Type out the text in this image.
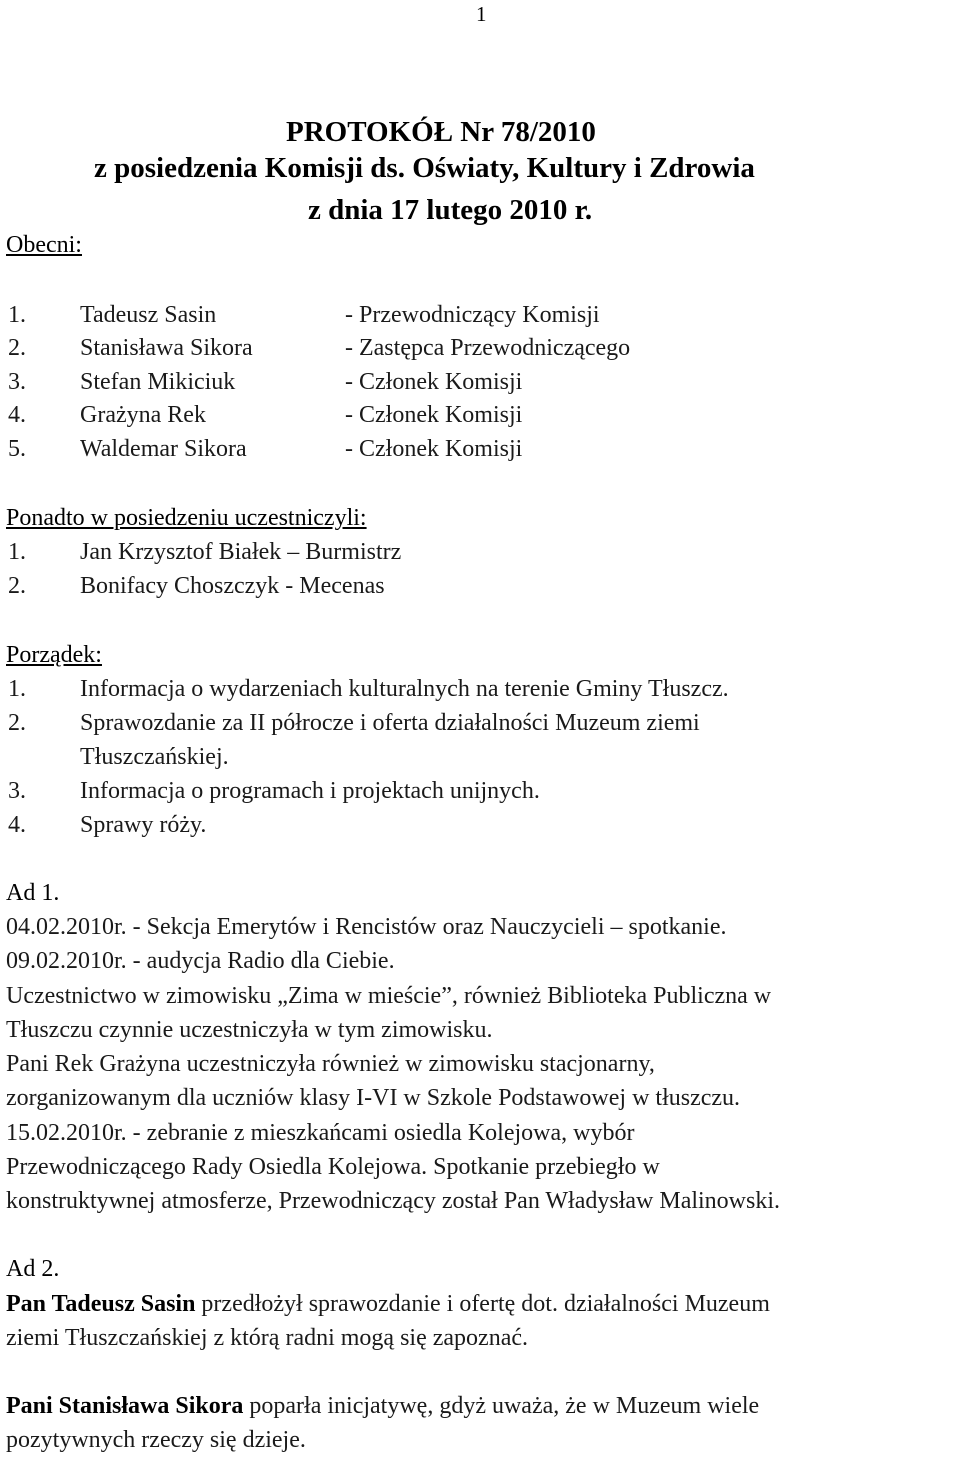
1
PROTOKÓŁ Nr 78/2010
z posiedzenia Komisji ds. Oświaty, Kultury i Zdrowia
z dnia 17 lutego 2010 r.
Obecni:
1. Tadeusz Sasin	- Przewodniczący Komisji
2. Stanisława Sikora	- Zastępca Przewodniczącego
3. Stefan Mikiciuk	- Członek Komisji
4. Grażyna Rek	- Członek Komisji
5. Waldemar Sikora	- Członek Komisji
Ponadto w posiedzeniu uczestniczyli:
1. Jan Krzysztof Białek – Burmistrz
2. Bonifacy Choszczyk - Mecenas
Porządek:
1. Informacja o wydarzeniach kulturalnych na terenie Gminy Tłuszcz.
2. Sprawozdanie za II półrocze i oferta działalności Muzeum ziemi
Tłuszczańskiej.
3. Informacja o programach i projektach unijnych.
4. Sprawy róży.
Ad 1.
04.02.2010r. - Sekcja Emerytów i Rencistów oraz Nauczycieli – spotkanie.
09.02.2010r. - audycja Radio dla Ciebie.
Uczestnictwo w zimowisku „Zima w mieście”, również Biblioteka Publiczna w
Tłuszczu czynnie uczestniczyła w tym zimowisku.
Pani Rek Grażyna uczestniczyła również w zimowisku stacjonarny,
zorganizowanym dla uczniów klasy I-VI w Szkole Podstawowej w tłuszczu.
15.02.2010r. - zebranie z mieszkańcami osiedla Kolejowa, wybór
Przewodniczącego Rady Osiedla Kolejowa. Spotkanie przebiegło w
konstruktywnej atmosferze, Przewodniczący został Pan Władysław Malinowski.
Ad 2.
Pan Tadeusz Sasin przedłożył sprawozdanie i ofertę dot. działalności Muzeum
ziemi Tłuszczańskiej z którą radni mogą się zapoznać.
Pani Stanisława Sikora poparła inicjatywę, gdyż uważa, że w Muzeum wiele
pozytywnych rzeczy się dzieje.
